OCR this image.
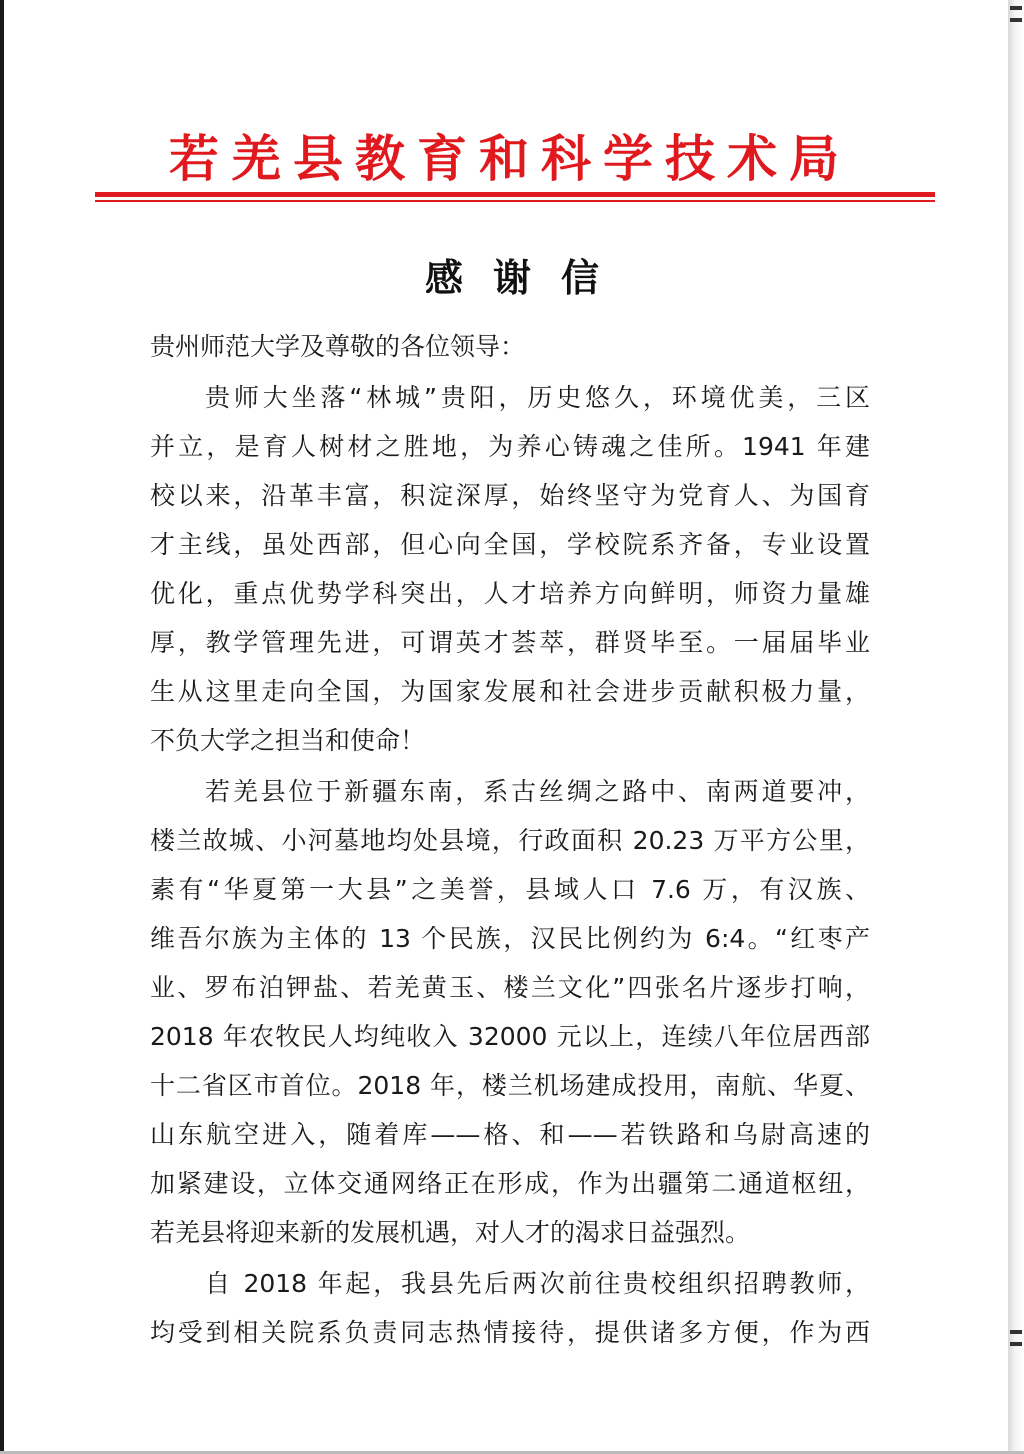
若羌县教育和科学技术局
感谢信
贵州师范大学及尊敬的各位领导：

贵师大坐落“林城”贵阳，历史悠久，环境优美，三区
并立，是育人树材之胜地，为养心铸魂之佳所。1941 年建
校以来，沿革丰富，积淀深厚，始终坚守为党育人、为国育
才主线，虽处西部，但心向全国，学校院系齐备，专业设置
优化，重点优势学科突出，人才培养方向鲜明，师资力量雄
厚，教学管理先进，可谓英才荟萃，群贤毕至。一届届毕业
生从这里走向全国，为国家发展和社会进步贡献积极力量，
不负大学之担当和使命！

若羌县位于新疆东南，系古丝绸之路中、南两道要冲，
楼兰故城、小河墓地均处县境，行政面积 20.23 万平方公里，
素有“华夏第一大县”之美誉，县域人口 7.6 万，有汉族、
维吾尔族为主体的 13 个民族，汉民比例约为 6:4。“红枣产
业、罗布泊钾盐、若羌黄玉、楼兰文化”四张名片逐步打响，
2018 年农牧民人均纯收入 32000 元以上，连续八年位居西部
十二省区市首位。2018 年，楼兰机场建成投用，南航、华夏、
山东航空进入，随着库——格、和——若铁路和乌尉高速的
加紧建设，立体交通网络正在形成，作为出疆第二通道枢纽，
若羌县将迎来新的发展机遇，对人才的渴求日益强烈。

自 2018 年起，我县先后两次前往贵校组织招聘教师，
均受到相关院系负责同志热情接待，提供诸多方便，作为西
